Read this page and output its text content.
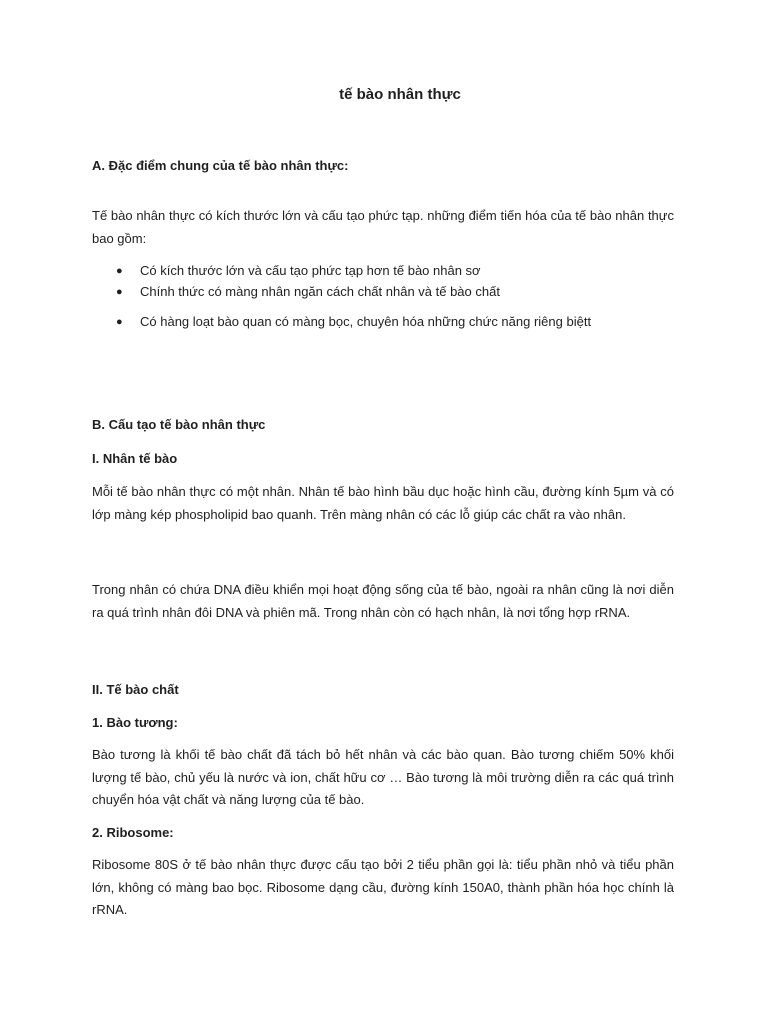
tế bào nhân thực
A. Đặc điểm chung của tế bào nhân thực:

Tế bào nhân thực có kích thước lớn và cấu tạo phức tạp. những điểm tiến hóa của tế bào nhân thực bao gồm:

●	Có kích thước lớn và cấu tạo phức tạp hơn tế bào nhân sơ
●	Chính thức có màng nhân ngăn cách chất nhân và tế bào chất
●	Có hàng loạt bào quan có màng bọc, chuyên hóa những chức năng riêng biệtt
B. Cấu tạo tế bào nhân thực
I. Nhân tế bào

Mỗi tế bào nhân thực có một nhân. Nhân tế bào hình bầu dục hoặc hình cầu, đường kính 5µm và có lớp màng kép phospholipid bao quanh. Trên màng nhân có các lỗ giúp các chất ra vào nhân.

Trong nhân có chứa DNA điều khiển mọi hoạt động sống của tế bào, ngoài ra nhân cũng là nơi diễn ra quá trình nhân đôi DNA và phiên mã. Trong nhân còn có hạch nhân, là nơi tổng hợp rRNA.

II. Tế bào chất
1. Bào tương:

Bào tương là khối tế bào chất đã tách bỏ hết nhân và các bào quan. Bào tương chiếm 50% khối lượng tế bào, chủ yếu là nước và ion, chất hữu cơ … Bào tương là môi trường diễn ra các quá trình chuyển hóa vật chất và năng lượng của tế bào.

2. Ribosome:

Ribosome 80S ở tế bào nhân thực được cấu tạo bởi 2 tiểu phần gọi là: tiểu phần nhỏ và tiểu phần lớn, không có màng bao bọc. Ribosome dạng cầu, đường kính 150A0, thành phần hóa học chính là rRNA.
